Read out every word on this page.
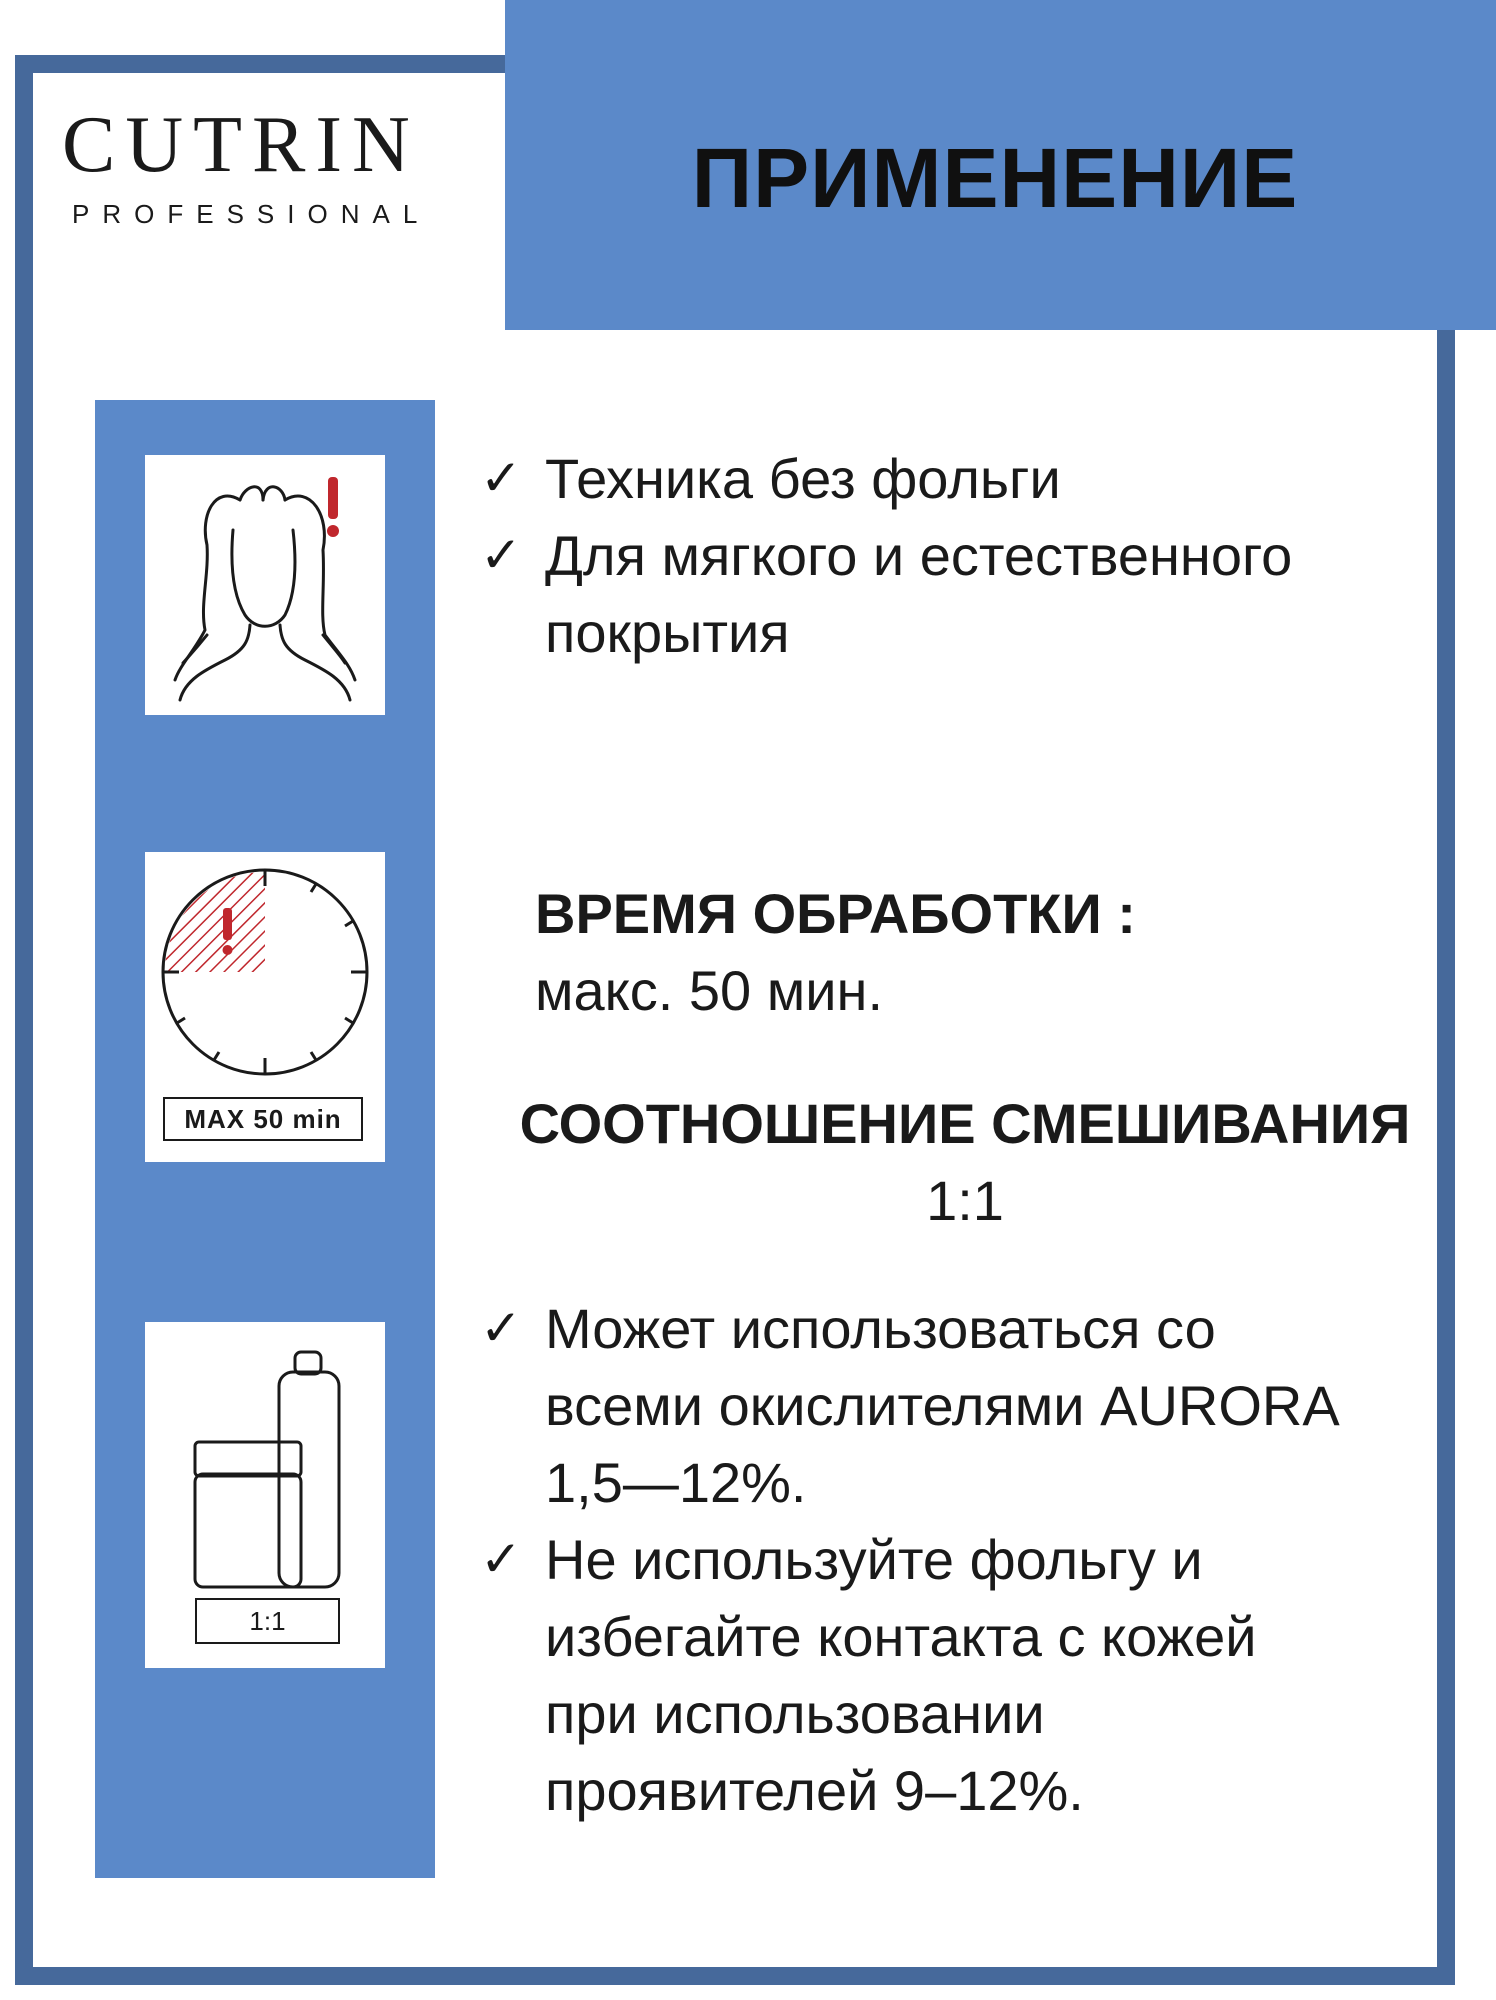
CUTRIN
PROFESSIONAL	ПРИМЕНЕНИЕ
MAX 50 min
1:1
✓ Техника без фольги
✓ Для мягкого и естественного покрытия
ВРЕМЯ ОБРАБОТКИ :
макс. 50 мин.
СООТНОШЕНИЕ СМЕШИВАНИЯ
1:1
✓ Может использоваться со всеми окислителями AURORA 1,5—12%.
✓ Не используйте фольгу и избегайте контакта с кожей при использовании проявителей 9–12%.
